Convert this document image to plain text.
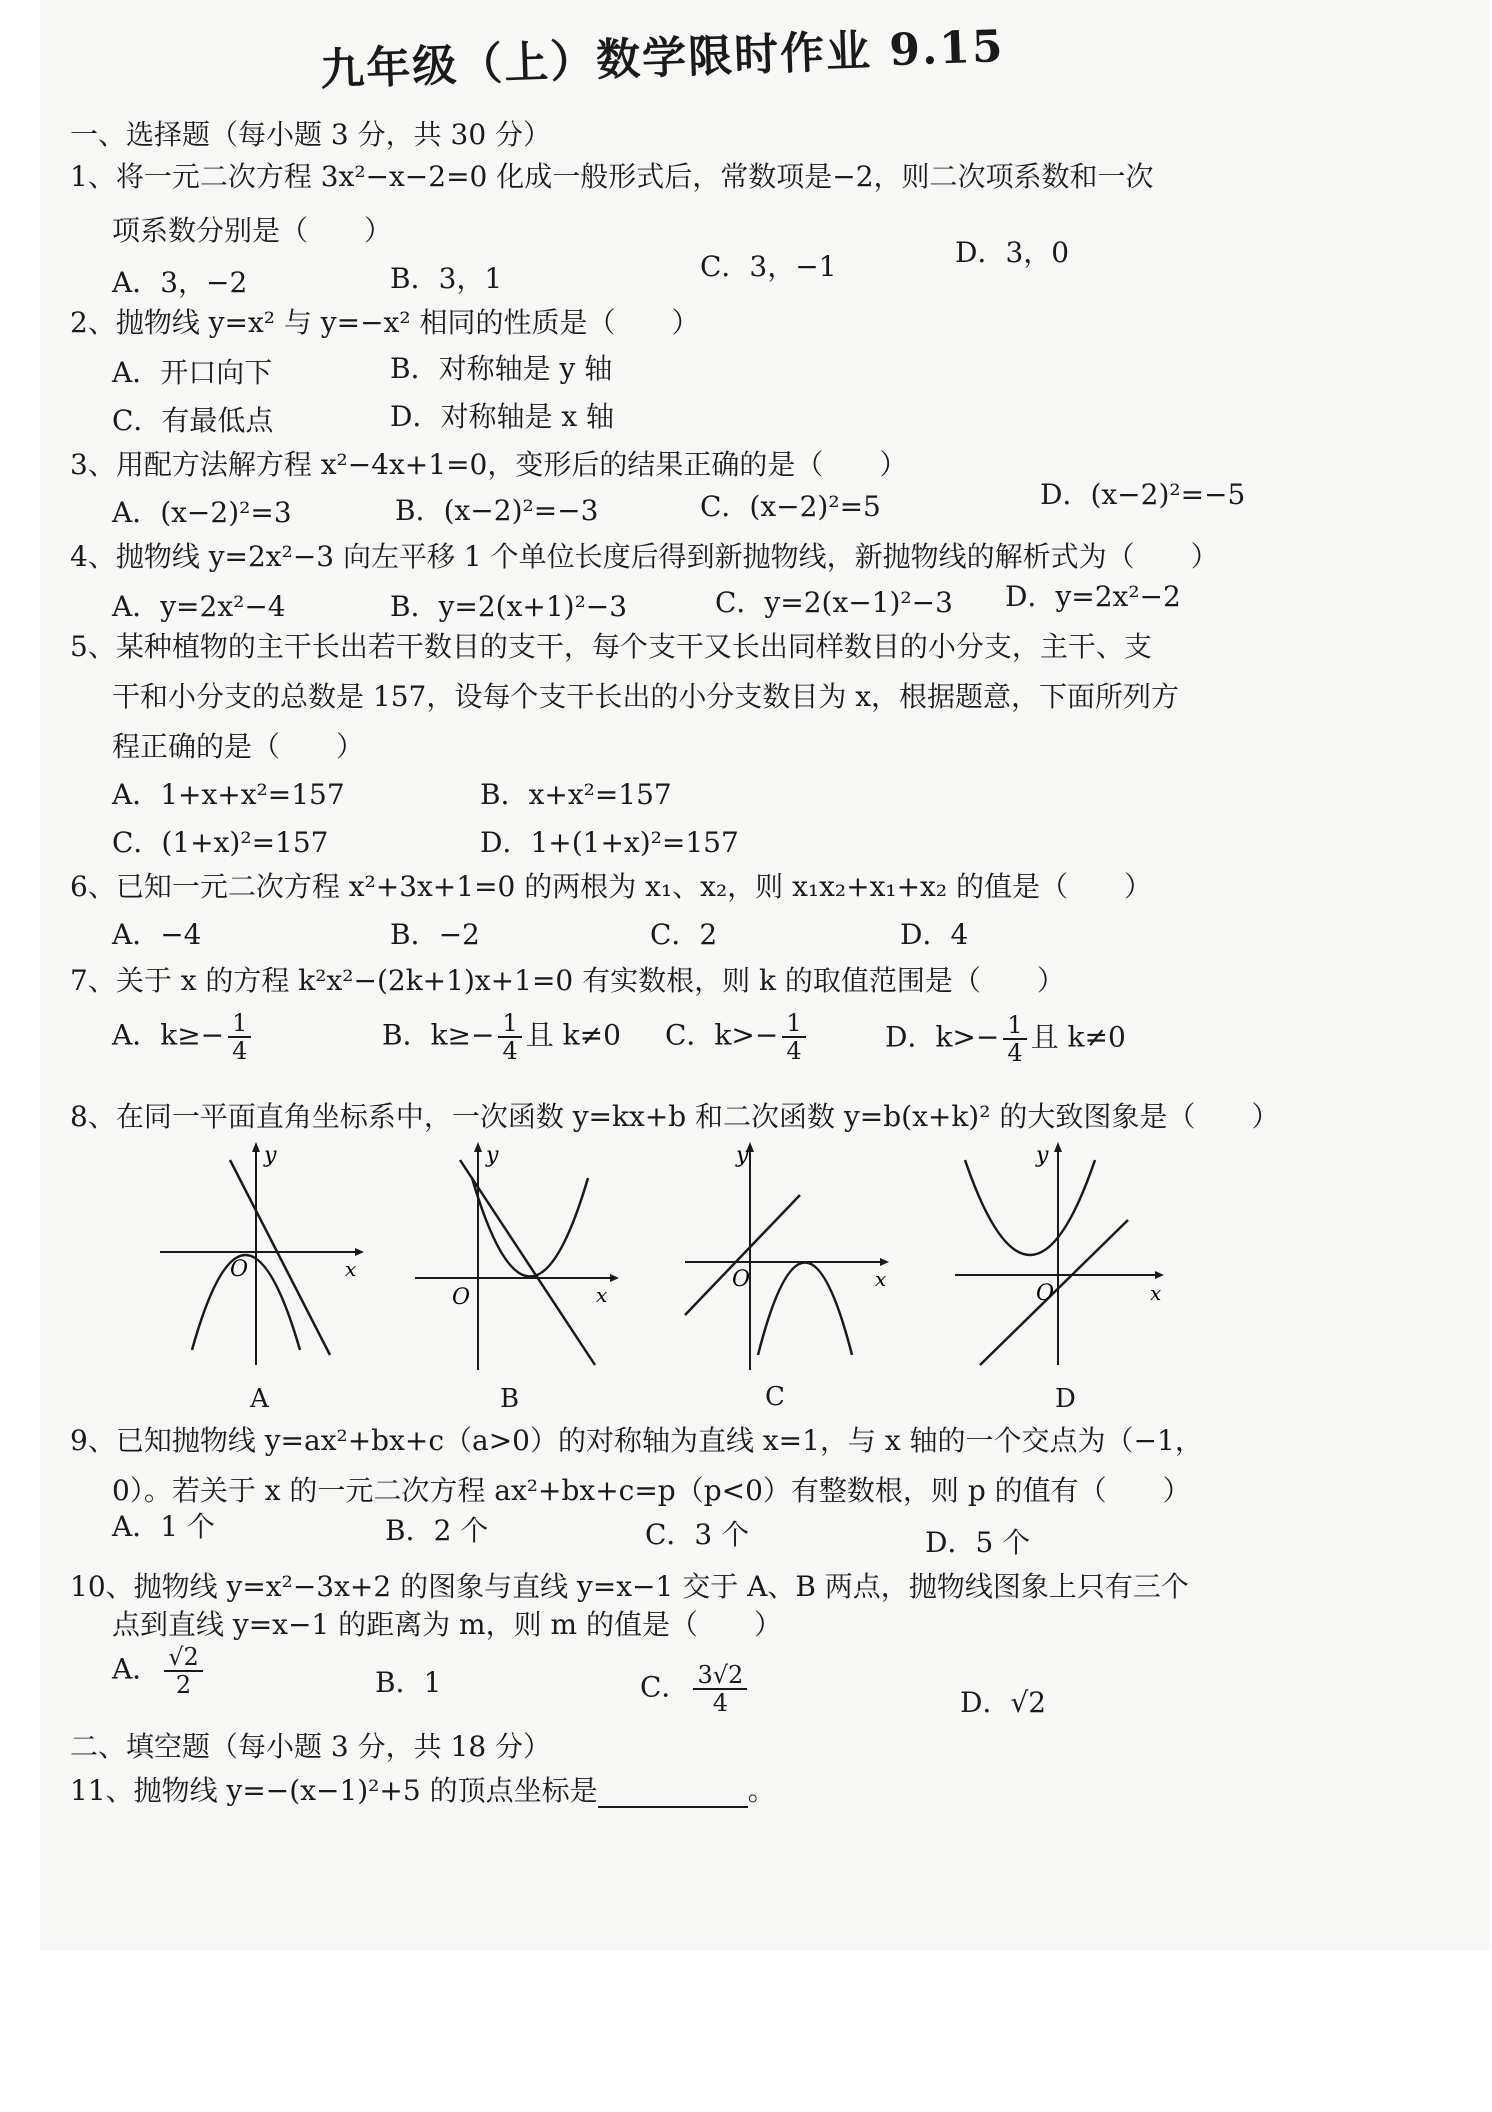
九年级（上）数学限时作业 9.15
一、选择题（每小题 3 分，共 30 分）
1、将一元二次方程 3x²−x−2=0 化成一般形式后，常数项是−2，则二次项系数和一次
项系数分别是（　　）
A．3，−2	B．3，1	C．3，−1	D．3，0
2、抛物线 y=x² 与 y=−x² 相同的性质是（　　）
A．开口向下	B．对称轴是 y 轴
C．有最低点	D．对称轴是 x 轴
3、用配方法解方程 x²−4x+1=0，变形后的结果正确的是（　　）
A．(x−2)²=3	B．(x−2)²=−3	C．(x−2)²=5	D．(x−2)²=−5
4、抛物线 y=2x²−3 向左平移 1 个单位长度后得到新抛物线，新抛物线的解析式为（　　）
A．y=2x²−4	B．y=2(x+1)²−3	C．y=2(x−1)²−3 D．y=2x²−2
5、某种植物的主干长出若干数目的支干，每个支干又长出同样数目的小分支，主干、支
干和小分支的总数是 157，设每个支干长出的小分支数目为 x，根据题意，下面所列方
程正确的是（　　）
A．1+x+x²=157	B．x+x²=157
C．(1+x)²=157	D．1+(1+x)²=157
6、已知一元二次方程 x²+3x+1=0 的两根为 x₁、x₂，则 x₁x₂+x₁+x₂ 的值是（　　）
A．−4	B．−2	C．2	D．4
7、关于 x 的方程 k²x²−(2k+1)x+1=0 有实数根，则 k 的取值范围是（　　）
A．$k\ge- \frac{1}{4}$	B．$k\ge- \frac{1}{4}$ 且 k≠0 C．$k>- \frac{1}{4}$	D．$k>- \frac{1}{4}$ 且 k≠0
8、在同一平面直角坐标系中，一次函数 y=kx+b 和二次函数 y=b(x+k)² 的大致图象是（　　）
y
x
O
A
y
x
O
B
y
x
O
C
y
x
O
D
9、已知抛物线 y=ax²+bx+c（a>0）的对称轴为直线 x=1，与 x 轴的一个交点为（−1，
0）。若关于 x 的一元二次方程 ax²+bx+c=p（p<0）有整数根，则 p 的值有（　　）
A．1 个	B．2 个	C．3 个	D．5 个
10、抛物线 y=x²−3x+2 的图象与直线 y=x−1 交于 A、B 两点，抛物线图象上只有三个
点到直线 y=x−1 的距离为 m，则 m 的值是（　　）
A． $\frac{√2}{2}$	B．1	C． $\frac{3√2}{4}$	D．√2
二、填空题（每小题 3 分，共 18 分）
11、抛物线 y=−(x−1)²+5 的顶点坐标是	。
